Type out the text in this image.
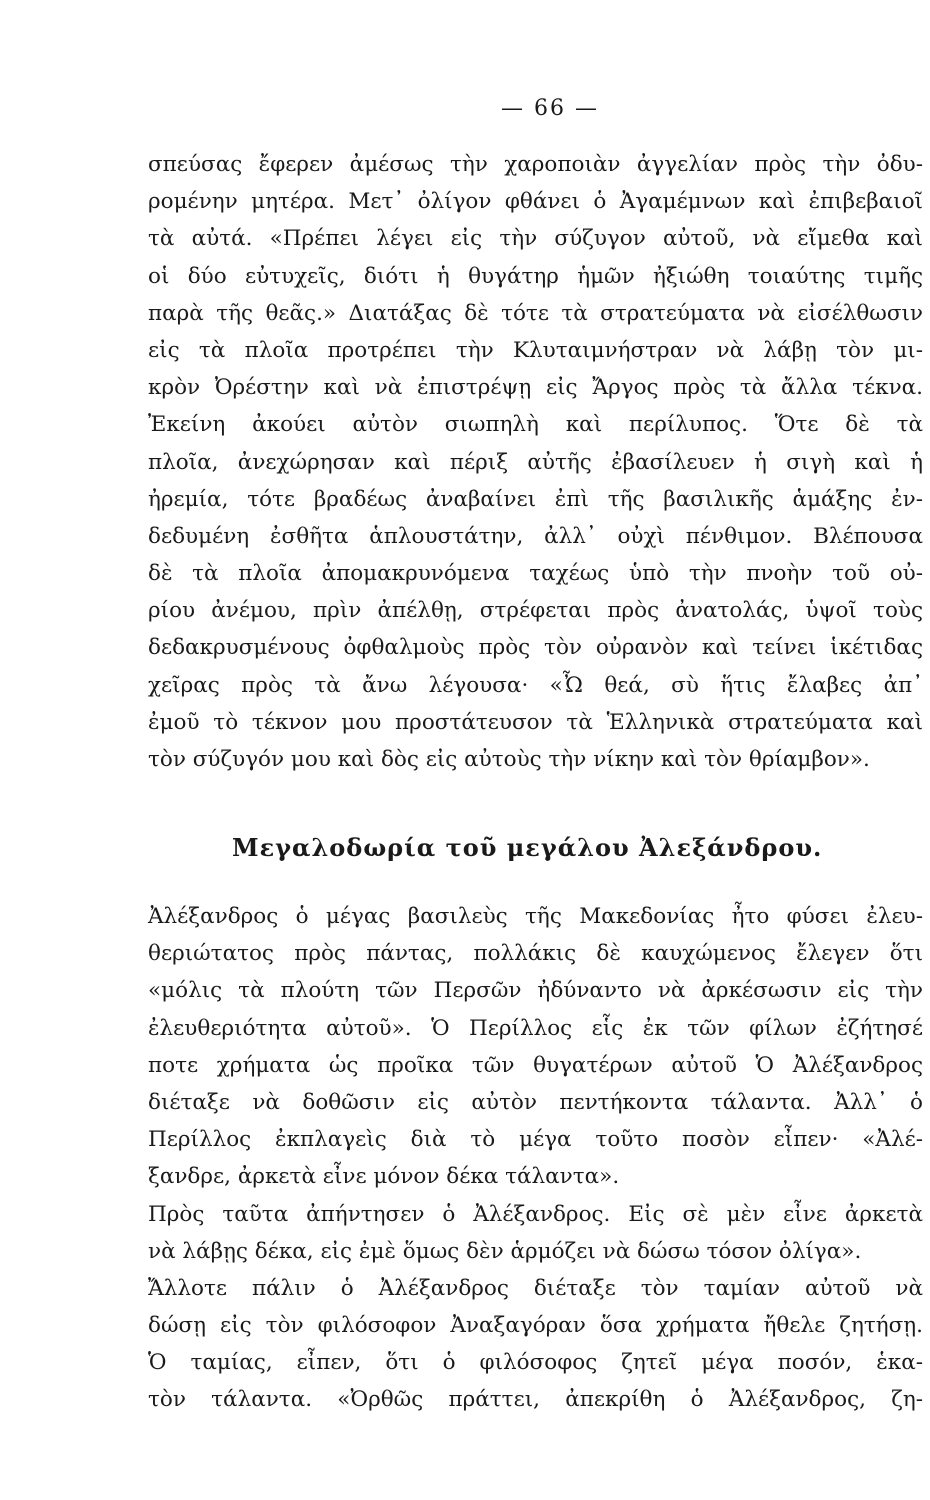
— 66 —
σπεύσας ἔφερεν ἀμέσως τὴν χαροποιὰν ἀγγελίαν πρὸς τὴν ὀδυ-
ρομένην μητέρα. Μετ᾽ ὀλίγον φθάνει ὁ Ἀγαμέμνων καὶ ἐπιβεβαιοῖ
τὰ αὐτά. «Πρέπει λέγει εἰς τὴν σύζυγον αὐτοῦ, νὰ εἴμεθα καὶ
οἱ δύο εὐτυχεῖς, διότι ἡ θυγάτηρ ἡμῶν ἠξιώθη τοιαύτης τιμῆς
παρὰ τῆς θεᾶς.» Διατάξας δὲ τότε τὰ στρατεύματα νὰ εἰσέλθωσιν
εἰς τὰ πλοῖα προτρέπει τὴν Κλυταιμνήστραν νὰ λάβῃ τὸν μι-
κρὸν Ὀρέστην καὶ νὰ ἐπιστρέψῃ εἰς Ἄργος πρὸς τὰ ἄλλα τέκνα.
Ἐκείνη ἀκούει αὐτὸν σιωπηλὴ καὶ περίλυπος. Ὅτε δὲ τὰ
πλοῖα, ἀνεχώρησαν καὶ πέριξ αὐτῆς ἐβασίλευεν ἡ σιγὴ καὶ ἡ
ἠρεμία, τότε βραδέως ἀναβαίνει ἐπὶ τῆς βασιλικῆς ἁμάξης ἐν-
δεδυμένη ἐσθῆτα ἁπλουστάτην, ἀλλ᾽ οὐχὶ πένθιμον. Βλέπουσα
δὲ τὰ πλοῖα ἀπομακρυνόμενα ταχέως ὑπὸ τὴν πνοὴν τοῦ οὐ-
ρίου ἀνέμου, πρὶν ἀπέλθῃ, στρέφεται πρὸς ἀνατολάς, ὑψοῖ τοὺς
δεδακρυσμένους ὀφθαλμοὺς πρὸς τὸν οὐρανὸν καὶ τείνει ἱκέτιδας
χεῖρας πρὸς τὰ ἄνω λέγουσα· «Ὦ θεά, σὺ ἥτις ἔλαβες ἀπ᾽
ἐμοῦ τὸ τέκνον μου προστάτευσον τὰ Ἑλληνικὰ στρατεύματα καὶ
τὸν σύζυγόν μου καὶ δὸς εἰς αὐτοὺς τὴν νίκην καὶ τὸν θρίαμβον».
Μεγαλοδωρία τοῦ μεγάλου Ἀλεξάνδρου.
Ἀλέξανδρος ὁ μέγας βασιλεὺς τῆς Μακεδονίας ἦτο φύσει ἐλευ-
θεριώτατος πρὸς πάντας, πολλάκις δὲ καυχώμενος ἔλεγεν ὅτι
«μόλις τὰ πλούτη τῶν Περσῶν ἠδύναντο νὰ ἀρκέσωσιν εἰς τὴν
ἐλευθεριότητα αὐτοῦ». Ὁ Περίλλος εἷς ἐκ τῶν φίλων ἐζήτησέ
ποτε χρήματα ὡς προῖκα τῶν θυγατέρων αὐτοῦ Ὁ Ἀλέξανδρος
διέταξε νὰ δοθῶσιν εἰς αὐτὸν πεντήκοντα τάλαντα. Ἀλλ᾽ ὁ
Περίλλος ἐκπλαγεὶς διὰ τὸ μέγα τοῦτο ποσὸν εἶπεν· «Ἀλέ-
ξανδρε, ἀρκετὰ εἶνε μόνον δέκα τάλαντα».
Πρὸς ταῦτα ἀπήντησεν ὁ Ἀλέξανδρος. Εἰς σὲ μὲν εἶνε ἀρκετὰ
νὰ λάβῃς δέκα, εἰς ἐμὲ ὅμως δὲν ἁρμόζει νὰ δώσω τόσον ὀλίγα».
Ἄλλοτε πάλιν ὁ Ἀλέξανδρος διέταξε τὸν ταμίαν αὐτοῦ νὰ
δώσῃ εἰς τὸν φιλόσοφον Ἀναξαγόραν ὅσα χρήματα ἤθελε ζητήσῃ.
Ὁ ταμίας, εἶπεν, ὅτι ὁ φιλόσοφος ζητεῖ μέγα ποσόν, ἑκα-
τὸν τάλαντα. «Ὀρθῶς πράττει, ἀπεκρίθη ὁ Ἀλέξανδρος, ζη-
